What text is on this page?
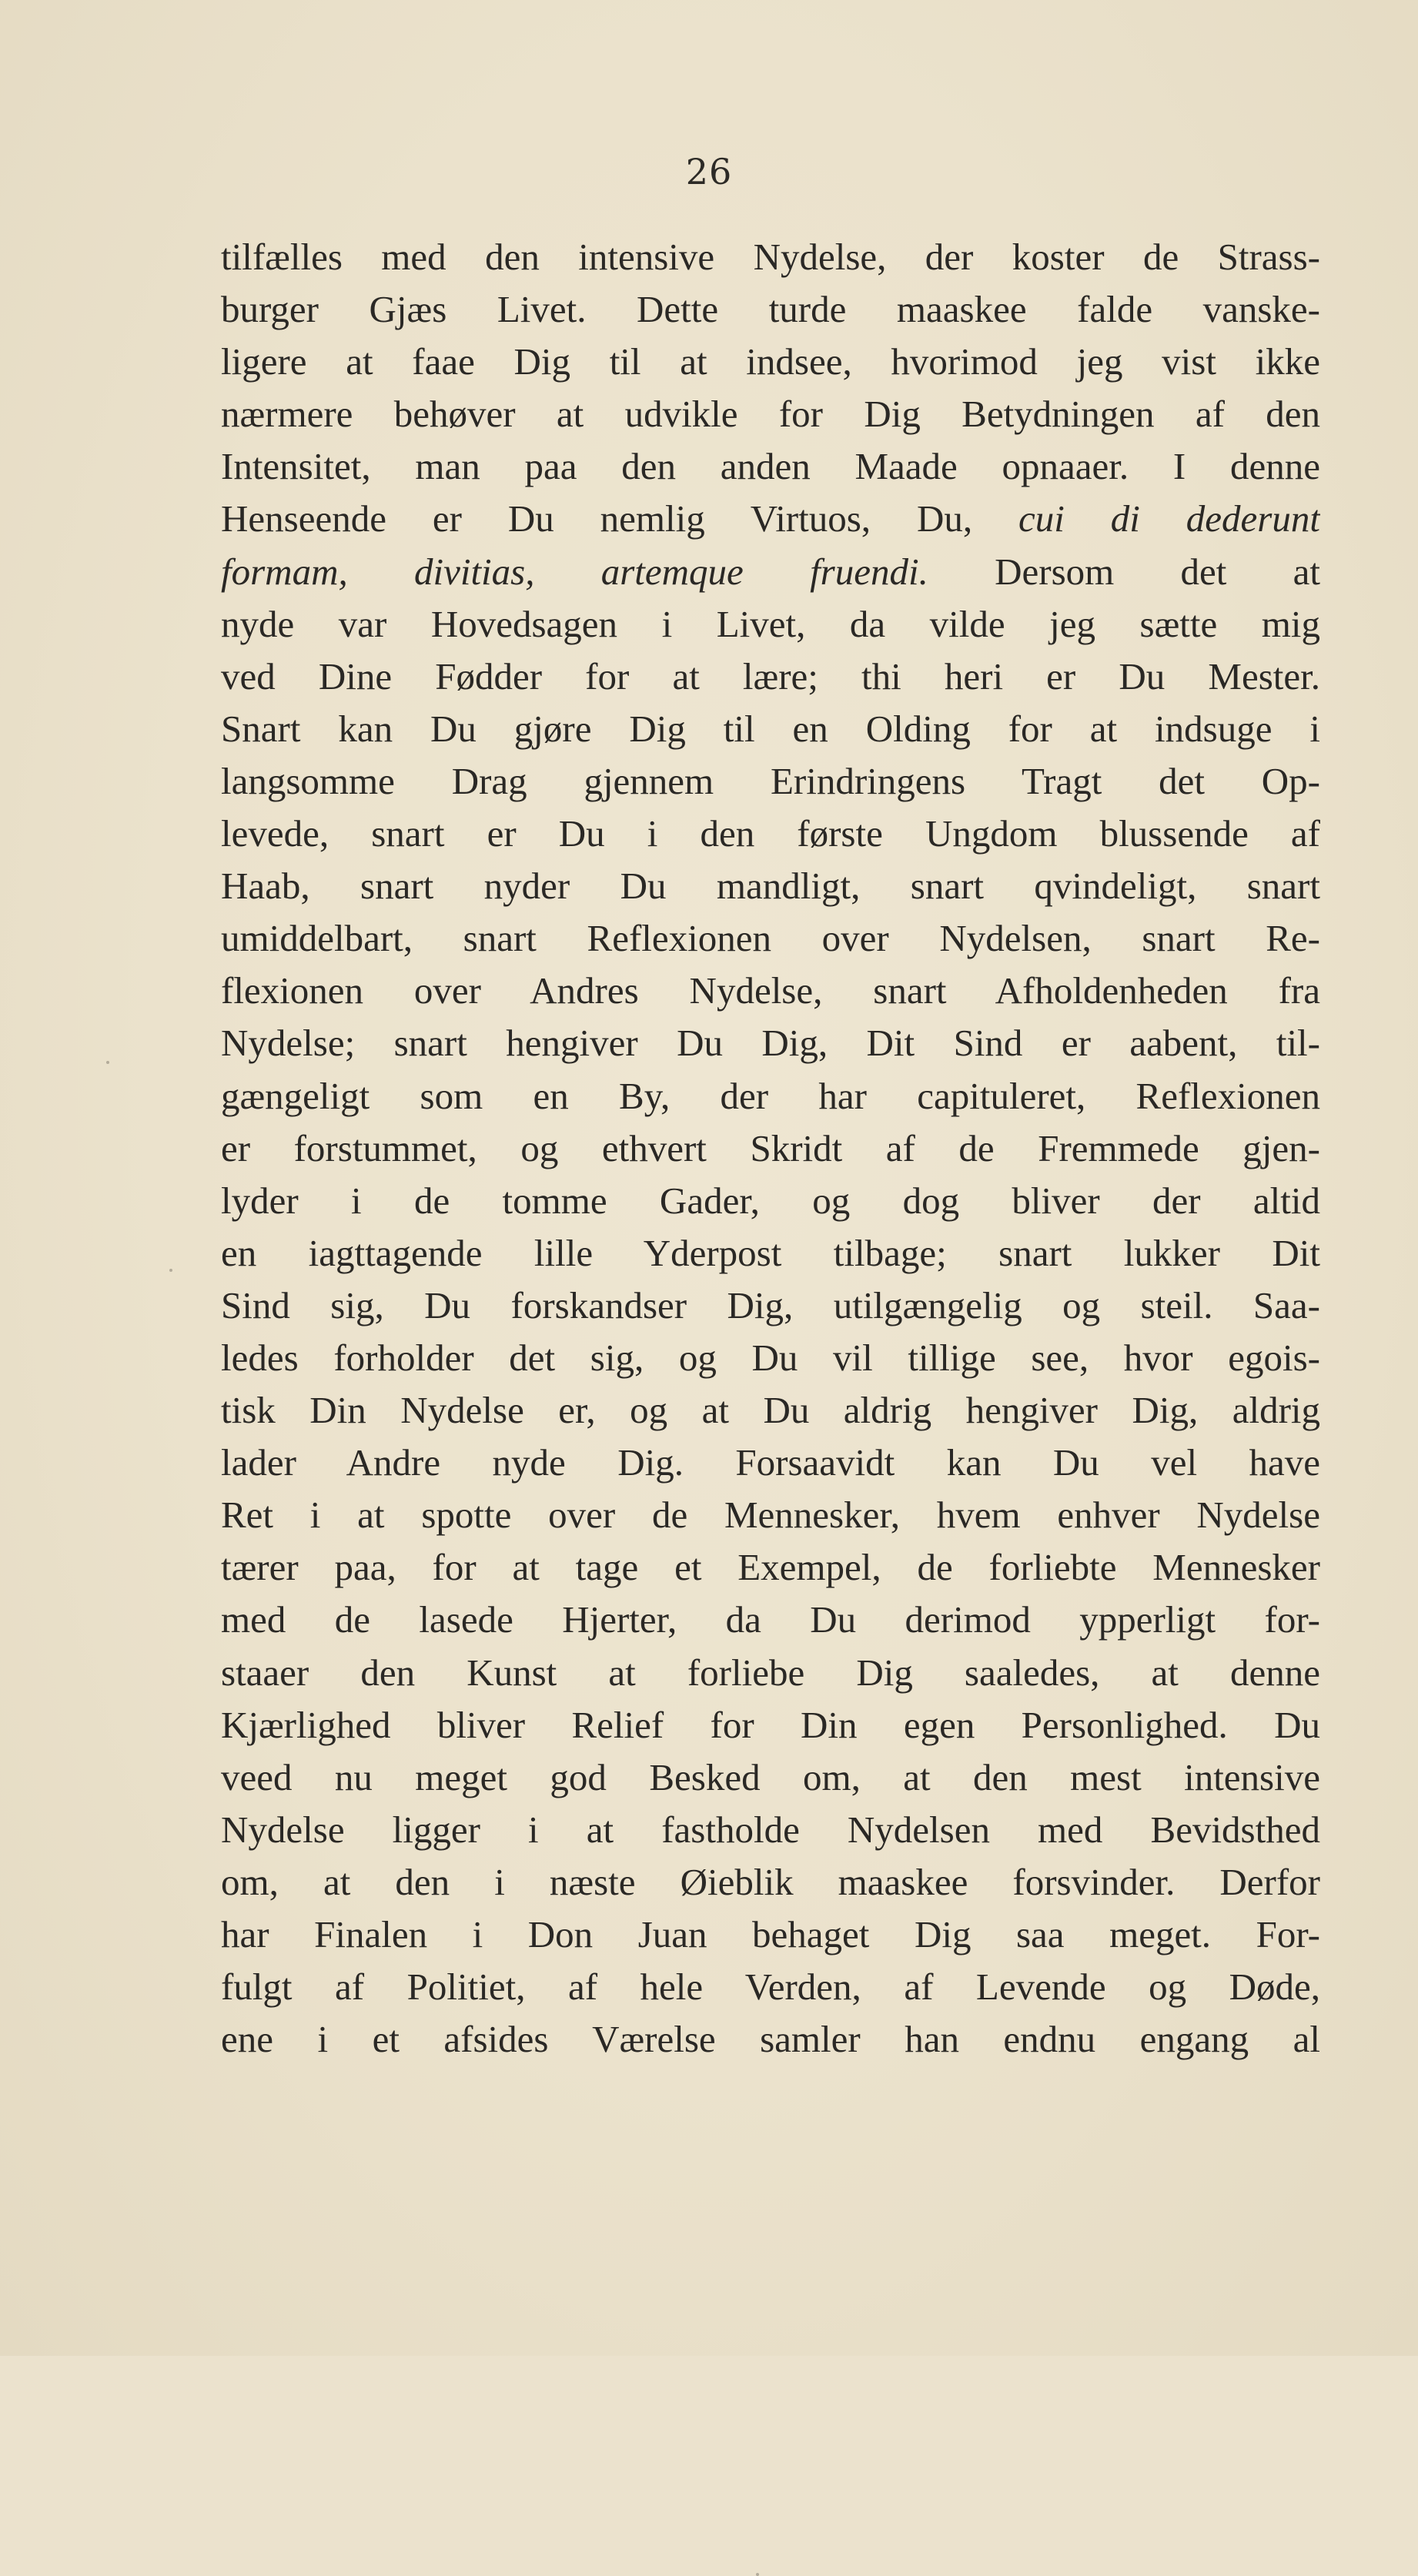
26
tilfælles med den intensive Nydelse, der koster de Strass-
burger Gjæs Livet. Dette turde maaskee falde vanske-
ligere at faae Dig til at indsee, hvorimod jeg vist ikke
nærmere behøver at udvikle for Dig Betydningen af den
Intensitet, man paa den anden Maade opnaaer. I denne
Henseende er Du nemlig Virtuos, Du, cui di dederunt
formam, divitias, artemque fruendi. Dersom det at
nyde var Hovedsagen i Livet, da vilde jeg sætte mig
ved Dine Fødder for at lære; thi heri er Du Mester.
Snart kan Du gjøre Dig til en Olding for at indsuge i
langsomme Drag gjennem Erindringens Tragt det Op-
levede, snart er Du i den første Ungdom blussende af
Haab, snart nyder Du mandligt, snart qvindeligt, snart
umiddelbart, snart Reflexionen over Nydelsen, snart Re-
flexionen over Andres Nydelse, snart Afholdenheden fra
Nydelse; snart hengiver Du Dig, Dit Sind er aabent, til-
gængeligt som en By, der har capituleret, Reflexionen
er forstummet, og ethvert Skridt af de Fremmede gjen-
lyder i de tomme Gader, og dog bliver der altid
en iagttagende lille Yderpost tilbage; snart lukker Dit
Sind sig, Du forskandser Dig, utilgængelig og steil. Saa-
ledes forholder det sig, og Du vil tillige see, hvor egois-
tisk Din Nydelse er, og at Du aldrig hengiver Dig, aldrig
lader Andre nyde Dig. Forsaavidt kan Du vel have
Ret i at spotte over de Mennesker, hvem enhver Nydelse
tærer paa, for at tage et Exempel, de forliebte Mennesker
med de lasede Hjerter, da Du derimod ypperligt for-
staaer den Kunst at forliebe Dig saaledes, at denne
Kjærlighed bliver Relief for Din egen Personlighed. Du
veed nu meget god Besked om, at den mest intensive
Nydelse ligger i at fastholde Nydelsen med Bevidsthed
om, at den i næste Øieblik maaskee forsvinder. Derfor
har Finalen i Don Juan behaget Dig saa meget. For-
fulgt af Politiet, af hele Verden, af Levende og Døde,
ene i et afsides Værelse samler han endnu engang al
